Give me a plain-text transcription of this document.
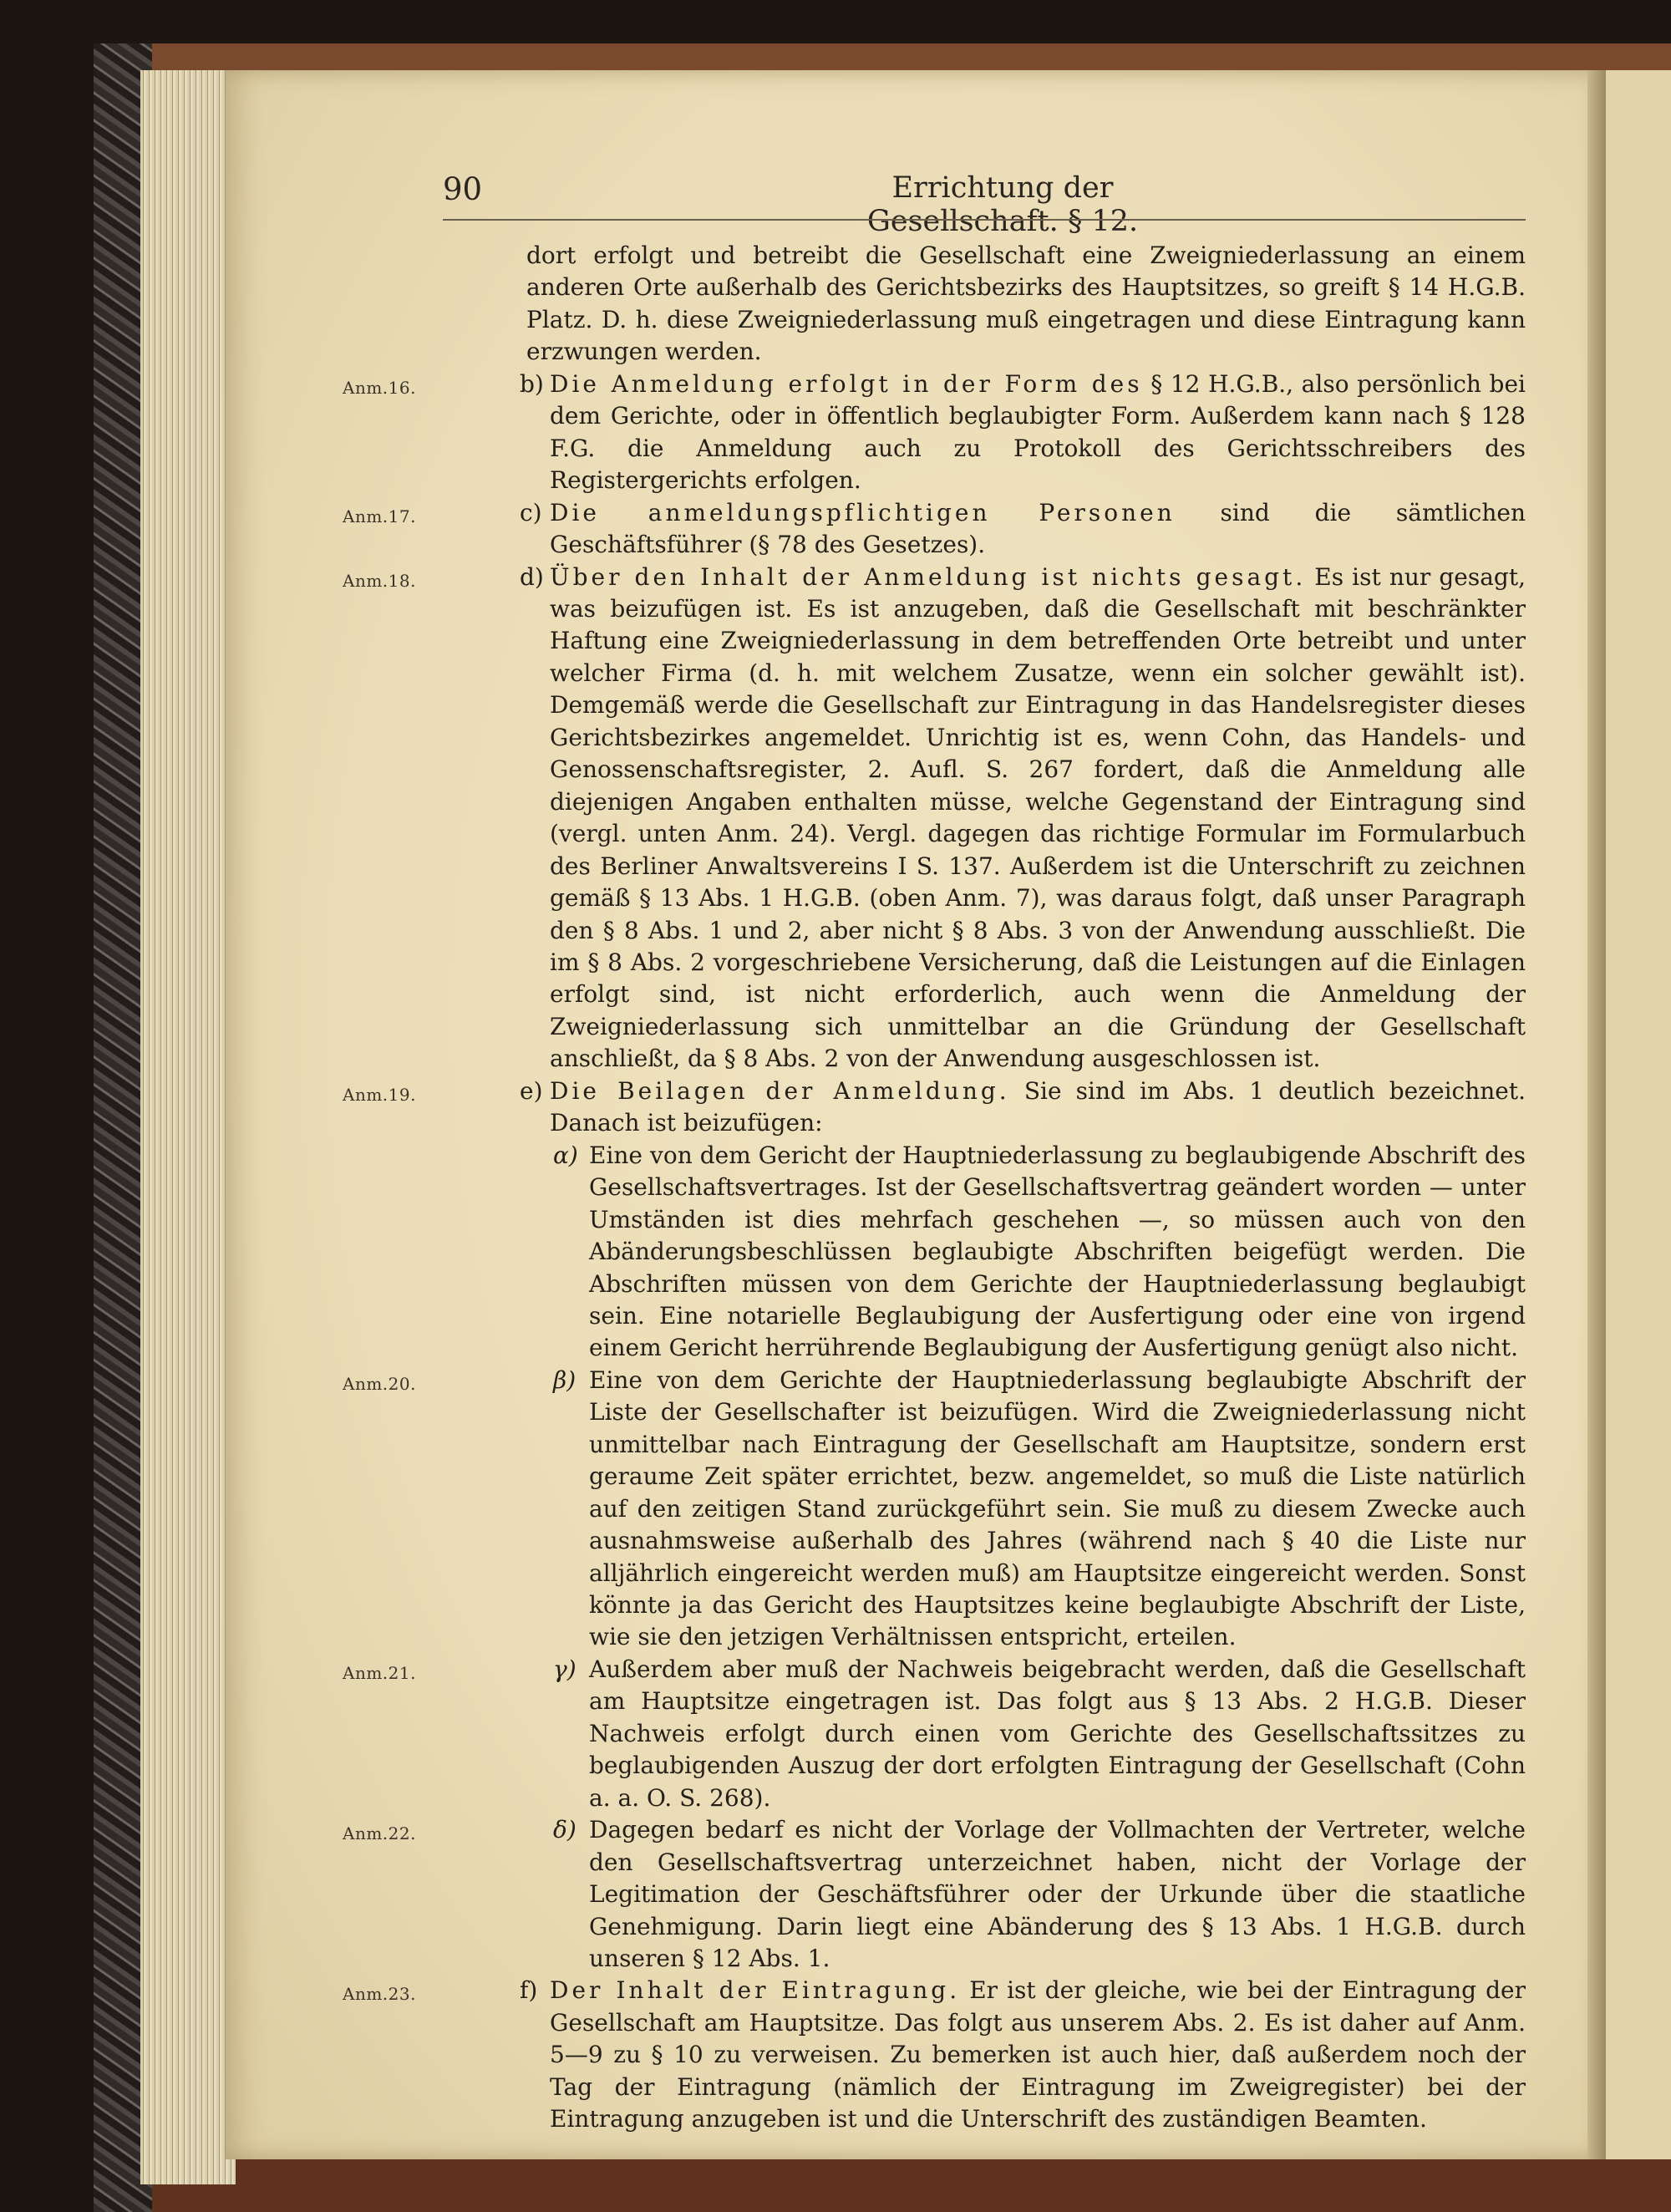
90	Errichtung der Gesellschaft. § 12.

dort erfolgt und betreibt die Gesellschaft eine Zweigniederlassung an einem anderen Orte außerhalb des Gerichtsbezirks des Hauptsitzes, so greift § 14 H.G.B. Platz. D. h. diese Zweigniederlassung muß eingetragen und diese Eintragung kann erzwungen werden.

Anm.16.	b) Die Anmeldung erfolgt in der Form des § 12 H.G.B., also persönlich bei dem Gerichte, oder in öffentlich beglaubigter Form. Außerdem kann nach § 128 F.G. die Anmeldung auch zu Protokoll des Gerichtsschreibers des Registergerichts erfolgen.

Anm.17.	c) Die anmeldungspflichtigen Personen sind die sämtlichen Geschäftsführer (§ 78 des Gesetzes).

Anm.18.	d) Über den Inhalt der Anmeldung ist nichts gesagt. Es ist nur gesagt, was beizufügen ist. Es ist anzugeben, daß die Gesellschaft mit beschränkter Haftung eine Zweigniederlassung in dem betreffenden Orte betreibt und unter welcher Firma (d. h. mit welchem Zusatze, wenn ein solcher gewählt ist). Demgemäß werde die Gesellschaft zur Eintragung in das Handelsregister dieses Gerichtsbezirkes angemeldet. Unrichtig ist es, wenn Cohn, das Handels- und Genossenschaftsregister, 2. Aufl. S. 267 fordert, daß die Anmeldung alle diejenigen Angaben enthalten müsse, welche Gegenstand der Eintragung sind (vergl. unten Anm. 24). Vergl. dagegen das richtige Formular im Formularbuch des Berliner Anwaltsvereins I S. 137. Außerdem ist die Unterschrift zu zeichnen gemäß § 13 Abs. 1 H.G.B. (oben Anm. 7), was daraus folgt, daß unser Paragraph den § 8 Abs. 1 und 2, aber nicht § 8 Abs. 3 von der Anwendung ausschließt. Die im § 8 Abs. 2 vorgeschriebene Versicherung, daß die Leistungen auf die Einlagen erfolgt sind, ist nicht erforderlich, auch wenn die Anmeldung der Zweigniederlassung sich unmittelbar an die Gründung der Gesellschaft anschließt, da § 8 Abs. 2 von der Anwendung ausgeschlossen ist.

Anm.19.	e) Die Beilagen der Anmeldung. Sie sind im Abs. 1 deutlich bezeichnet. Danach ist beizufügen:

α) Eine von dem Gericht der Hauptniederlassung zu beglaubigende Abschrift des Gesellschaftsvertrages. Ist der Gesellschaftsvertrag geändert worden — unter Umständen ist dies mehrfach geschehen —, so müssen auch von den Abänderungsbeschlüssen beglaubigte Abschriften beigefügt werden. Die Abschriften müssen von dem Gerichte der Hauptniederlassung beglaubigt sein. Eine notarielle Beglaubigung der Ausfertigung oder eine von irgend einem Gericht herrührende Beglaubigung der Ausfertigung genügt also nicht.

Anm.20.	β) Eine von dem Gerichte der Hauptniederlassung beglaubigte Abschrift der Liste der Gesellschafter ist beizufügen. Wird die Zweigniederlassung nicht unmittelbar nach Eintragung der Gesellschaft am Hauptsitze, sondern erst geraume Zeit später errichtet, bezw. angemeldet, so muß die Liste natürlich auf den zeitigen Stand zurückgeführt sein. Sie muß zu diesem Zwecke auch ausnahmsweise außerhalb des Jahres (während nach § 40 die Liste nur alljährlich eingereicht werden muß) am Hauptsitze eingereicht werden. Sonst könnte ja das Gericht des Hauptsitzes keine beglaubigte Abschrift der Liste, wie sie den jetzigen Verhältnissen entspricht, erteilen.

Anm.21.	γ) Außerdem aber muß der Nachweis beigebracht werden, daß die Gesellschaft am Hauptsitze eingetragen ist. Das folgt aus § 13 Abs. 2 H.G.B. Dieser Nachweis erfolgt durch einen vom Gerichte des Gesellschaftssitzes zu beglaubigenden Auszug der dort erfolgten Eintragung der Gesellschaft (Cohn a. a. O. S. 268).

Anm.22.	δ) Dagegen bedarf es nicht der Vorlage der Vollmachten der Vertreter, welche den Gesellschaftsvertrag unterzeichnet haben, nicht der Vorlage der Legitimation der Geschäftsführer oder der Urkunde über die staatliche Genehmigung. Darin liegt eine Abänderung des § 13 Abs. 1 H.G.B. durch unseren § 12 Abs. 1.

Anm.23.	f) Der Inhalt der Eintragung. Er ist der gleiche, wie bei der Eintragung der Gesellschaft am Hauptsitze. Das folgt aus unserem Abs. 2. Es ist daher auf Anm. 5—9 zu § 10 zu verweisen. Zu bemerken ist auch hier, daß außerdem noch der Tag der Eintragung (nämlich der Eintragung im Zweigregister) bei der Eintragung anzugeben ist und die Unterschrift des zuständigen Beamten.
